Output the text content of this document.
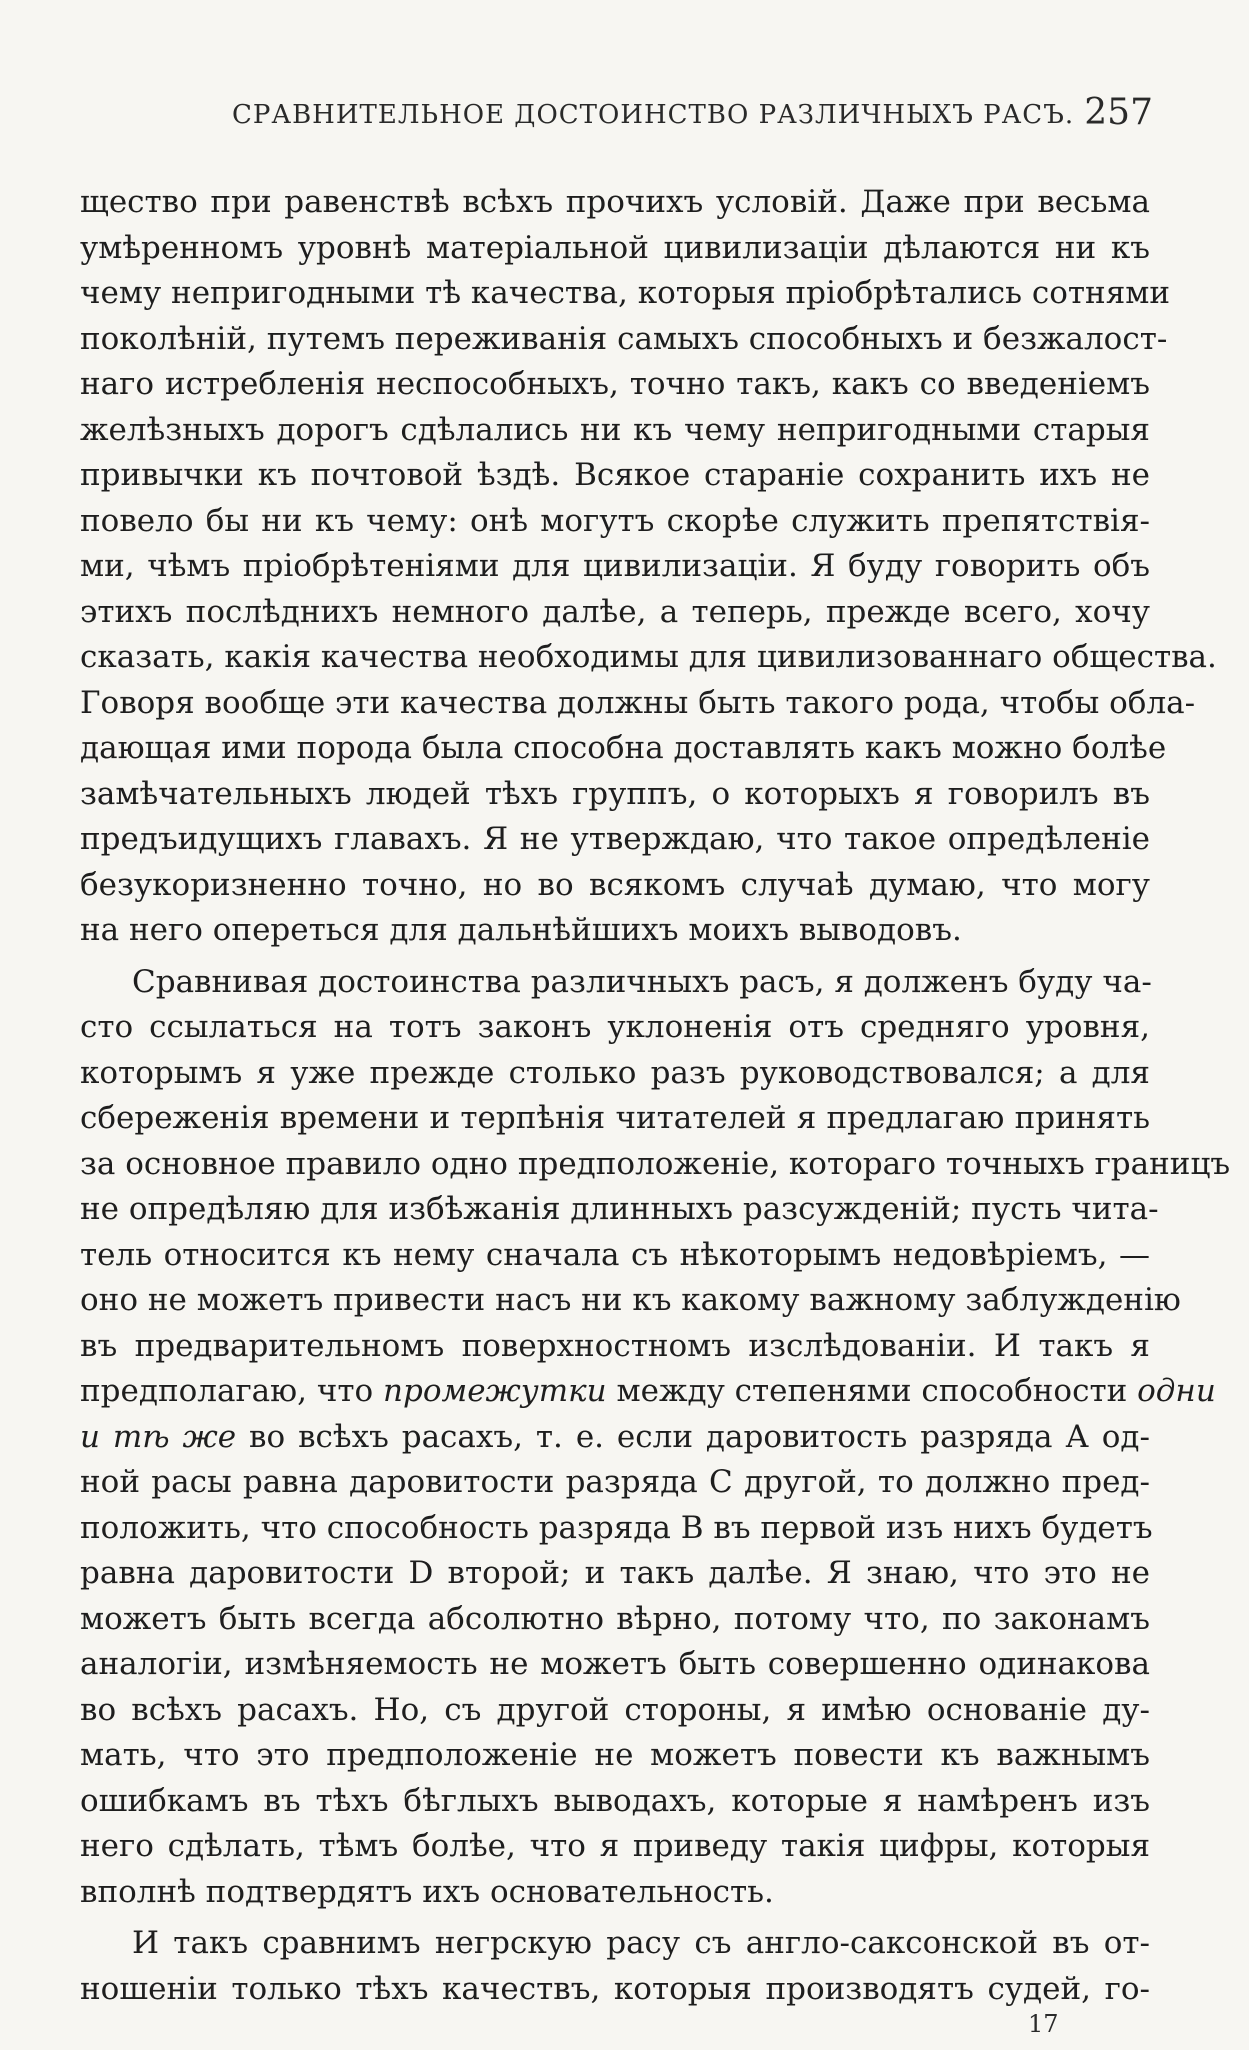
СРАВНИТЕЛЬНОЕ ДОСТОИНСТВО РАЗЛИЧНЫХЪ РАСЪ. 257
щество при равенствѣ всѣхъ прочихъ условій. Даже при весьма
умѣренномъ уровнѣ матеріальной цивилизаціи дѣлаются ни къ
чему непригодными тѣ качества, которыя пріобрѣтались сотнями
поколѣній, путемъ переживанія самыхъ способныхъ и безжалост-
наго истребленія неспособныхъ, точно такъ, какъ со введеніемъ
желѣзныхъ дорогъ сдѣлались ни къ чему непригодными старыя
привычки къ почтовой ѣздѣ. Всякое стараніе сохранить ихъ не
повело бы ни къ чему: онѣ могутъ скорѣе служить препятствія-
ми, чѣмъ пріобрѣтеніями для цивилизаціи. Я буду говорить объ
этихъ послѣднихъ немного далѣе, а теперь, прежде всего, хочу
сказать, какія качества необходимы для цивилизованнаго общества.
Говоря вообще эти качества должны быть такого рода, чтобы обла-
дающая ими порода была способна доставлять какъ можно болѣе
замѣчательныхъ людей тѣхъ группъ, о которыхъ я говорилъ въ
предъидущихъ главахъ. Я не утверждаю, что такое опредѣленіе
безукоризненно точно, но во всякомъ случаѣ думаю, что могу
на него опереться для дальнѣйшихъ моихъ выводовъ.
Сравнивая достоинства различныхъ расъ, я долженъ буду ча-
сто ссылаться на тотъ законъ уклоненія отъ средняго уровня,
которымъ я уже прежде столько разъ руководствовался; а для
сбереженія времени и терпѣнія читателей я предлагаю принять
за основное правило одно предположеніе, котораго точныхъ границъ
не опредѣляю для избѣжанія длинныхъ разсужденій; пусть чита-
тель относится къ нему сначала съ нѣкоторымъ недовѣріемъ, —
оно не можетъ привести насъ ни къ какому важному заблужденію
въ предварительномъ поверхностномъ изслѣдованіи. И такъ я
предполагаю, что промежутки между степенями способности одни
и тѣ же во всѣхъ расахъ, т. е. если даровитость разряда А од-
ной расы равна даровитости разряда С другой, то должно пред-
положить, что способность разряда В въ первой изъ нихъ будетъ
равна даровитости D второй; и такъ далѣе. Я знаю, что это не
можетъ быть всегда абсолютно вѣрно, потому что, по законамъ
аналогіи, измѣняемость не можетъ быть совершенно одинакова
во всѣхъ расахъ. Но, съ другой стороны, я имѣю основаніе ду-
мать, что это предположеніе не можетъ повести къ важнымъ
ошибкамъ въ тѣхъ бѣглыхъ выводахъ, которые я намѣренъ изъ
него сдѣлать, тѣмъ болѣе, что я приведу такія цифры, которыя
вполнѣ подтвердятъ ихъ основательность.
И такъ сравнимъ негрскую расу съ англо-саксонской въ от-
ношеніи только тѣхъ качествъ, которыя производятъ судей, го-
17
